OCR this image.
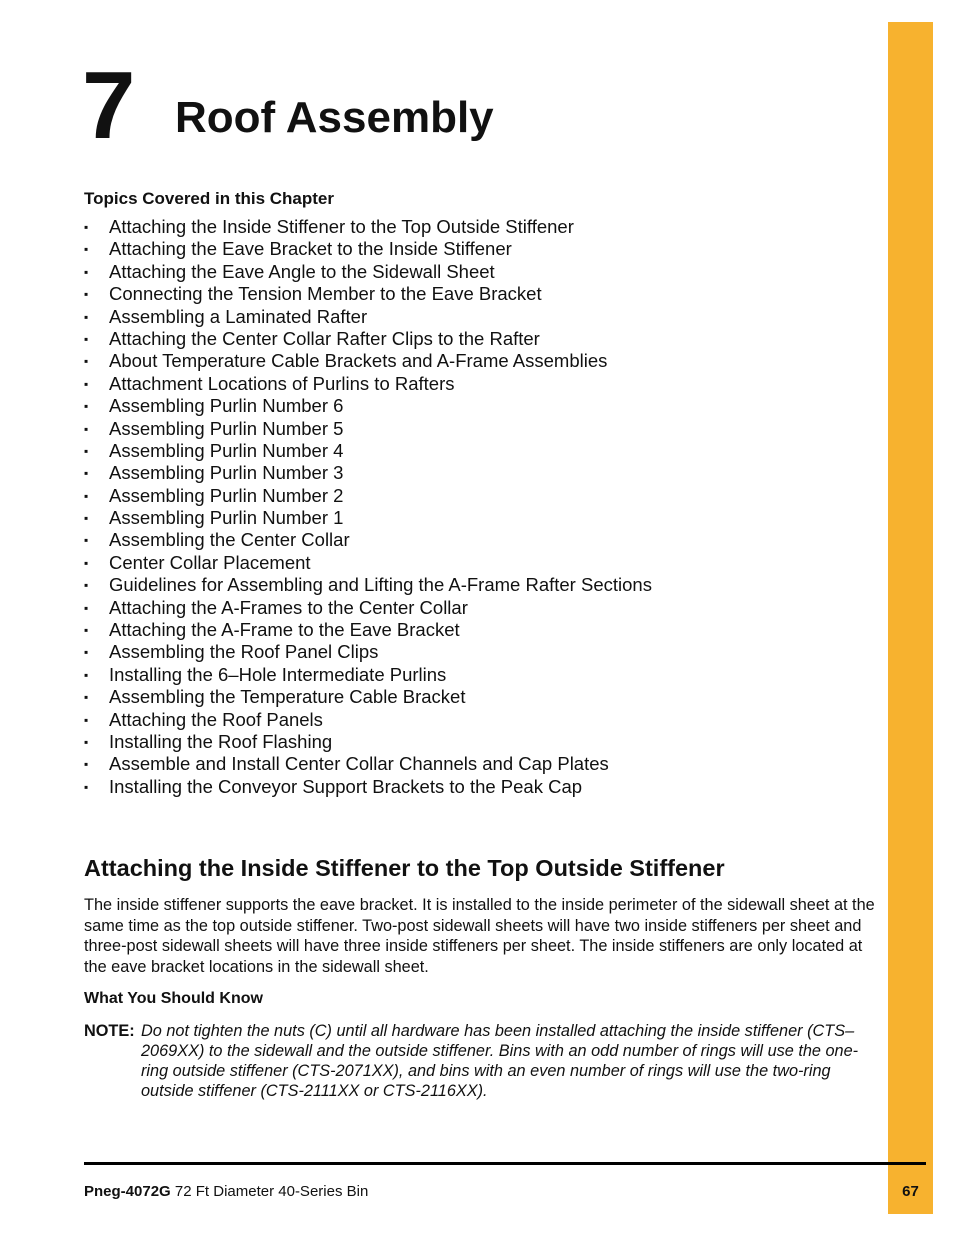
7 Roof Assembly
Topics Covered in this Chapter
▪ Attaching the Inside Stiffener to the Top Outside Stiffener
▪ Attaching the Eave Bracket to the Inside Stiffener
▪ Attaching the Eave Angle to the Sidewall Sheet
▪ Connecting the Tension Member to the Eave Bracket
▪ Assembling a Laminated Rafter
▪ Attaching the Center Collar Rafter Clips to the Rafter
▪ About Temperature Cable Brackets and A-Frame Assemblies
▪ Attachment Locations of Purlins to Rafters
▪ Assembling Purlin Number 6
▪ Assembling Purlin Number 5
▪ Assembling Purlin Number 4
▪ Assembling Purlin Number 3
▪ Assembling Purlin Number 2
▪ Assembling Purlin Number 1
▪ Assembling the Center Collar
▪ Center Collar Placement
▪ Guidelines for Assembling and Lifting the A-Frame Rafter Sections
▪ Attaching the A-Frames to the Center Collar
▪ Attaching the A-Frame to the Eave Bracket
▪ Assembling the Roof Panel Clips
▪ Installing the 6–Hole Intermediate Purlins
▪ Assembling the Temperature Cable Bracket
▪ Attaching the Roof Panels
▪ Installing the Roof Flashing
▪ Assemble and Install Center Collar Channels and Cap Plates
▪ Installing the Conveyor Support Brackets to the Peak Cap
Attaching the Inside Stiffener to the Top Outside Stiffener

The inside stiffener supports the eave bracket. It is installed to the inside perimeter of the sidewall sheet at the same time as the top outside stiffener. Two-post sidewall sheets will have two inside stiffeners per sheet and three-post sidewall sheets will have three inside stiffeners per sheet. The inside stiffeners are only located at the eave bracket locations in the sidewall sheet.

What You Should Know
NOTE: Do not tighten the nuts (C) until all hardware has been installed attaching the inside stiffener (CTS–2069XX) to the sidewall and the outside stiffener. Bins with an odd number of rings will use the one-ring outside stiffener (CTS-2071XX), and bins with an even number of rings will use the two-ring outside stiffener (CTS-2111XX or CTS-2116XX).
Pneg-4072G 72 Ft Diameter 40-Series Bin	67
